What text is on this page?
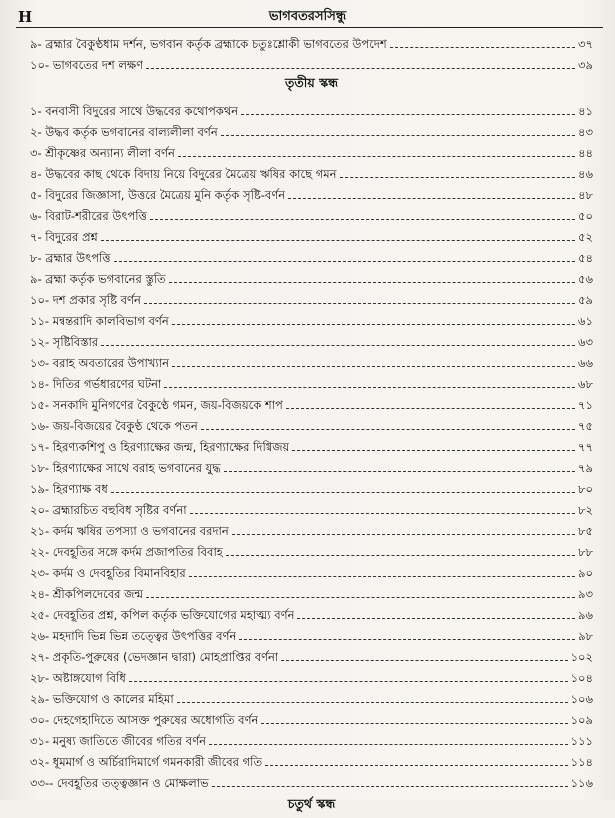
H	ভাগবতরসসিন্ধু
৯- ব্রহ্মার বৈকুণ্ঠধাম দর্শন, ভগবান কর্তৃক ব্রহ্মাকে চতুঃশ্লোকী ভাগবতের উপদেশ	৩৭
১০- ভাগবতের দশ লক্ষণ	৩৯
তৃতীয় স্কন্ধ
১- বনবাসী বিদুরের সাথে উদ্ধবের কথোপকথন	৪১
২- উদ্ধব কর্তৃক ভগবানের বাল্যলীলা বর্ণন	৪৩
৩- শ্রীকৃষ্ণের অন্যান্য লীলা বর্ণন	৪৪
৪- উদ্ধবের কাছ থেকে বিদায় নিয়ে বিদুরের মৈত্রেয় ঋষির কাছে গমন	৪৬
৫- বিদুরের জিজ্ঞাসা, উত্তরে মৈত্রেয় মুনি কর্তৃক সৃষ্টি-বর্ণন	৪৮
৬- বিরাট-শরীরের উৎপত্তি	৫০
৭- বিদুরের প্রশ্ন	৫২
৮- ব্রহ্মার উৎপত্তি	৫৪
৯- ব্রহ্মা কর্তৃক ভগবানের স্তুতি	৫৬
১০- দশ প্রকার সৃষ্টি বর্ণন	৫৯
১১- মন্বন্তরাদি কালবিভাগ বর্ণন	৬১
১২- সৃষ্টিবিস্তার	৬৩
১৩- বরাহ অবতারের উপাখ্যান	৬৬
১৪- দিতির গর্ভধারণের ঘটনা	৬৮
১৫- সনকাদি মুনিগণের বৈকুণ্ঠে গমন, জয়-বিজয়কে শাপ	৭১
১৬- জয়-বিজয়ের বৈকুণ্ঠ থেকে পতন	৭৫
১৭- হিরণ্যকশিপু ও হিরণ্যাক্ষের জন্ম, হিরণ্যাক্ষের দিগ্বিজয়	৭৭
১৮- হিরণ্যাক্ষের সাথে বরাহ ভগবানের যুদ্ধ	৭৯
১৯- হিরণ্যাক্ষ বধ	৮০
২০- ব্রহ্মারচিত বহুবিধ সৃষ্টির বর্ণনা	৮২
২১- কর্দম ঋষির তপস্যা ও ভগবানের বরদান	৮৫
২২- দেবহূতির সঙ্গে কর্দম প্রজাপতির বিবাহ	৮৮
২৩- কর্দম ও দেবহূতির বিমানবিহার	৯০
২৪- শ্রীকপিলদেবের জন্ম	৯৩
২৫- দেবহূতির প্রশ্ন, কপিল কর্তৃক ভক্তিযোগের মহাত্ম্য বর্ণন	৯৬
২৬- মহদাদি ভিন্ন ভিন্ন তত্ত্বের উৎপত্তির বর্ণন	৯৮
২৭- প্রকৃতি-পুরুষের (ভেদজ্ঞান দ্বারা) মোহপ্রাপ্তির বর্ণনা	১০২
২৮- অষ্টাঙ্গযোগ বিধি	১০৪
২৯- ভক্তিযোগ ও কালের মহিমা	১০৬
৩০- দেহগেহাদিতে আসক্ত পুরুষের অধোগতি বর্ণন	১০৯
৩১- মনুষ্য জাতিতে জীবের গতির বর্ণন	১১১
৩২- ধূমমার্গ ও অর্চিরাদিমার্গে গমনকারী জীবের গতি	১১৪
৩৩-- দেবহূতির তত্ত্বজ্ঞান ও মোক্ষলাভ	১১৬
চতুর্থ স্কন্ধ
